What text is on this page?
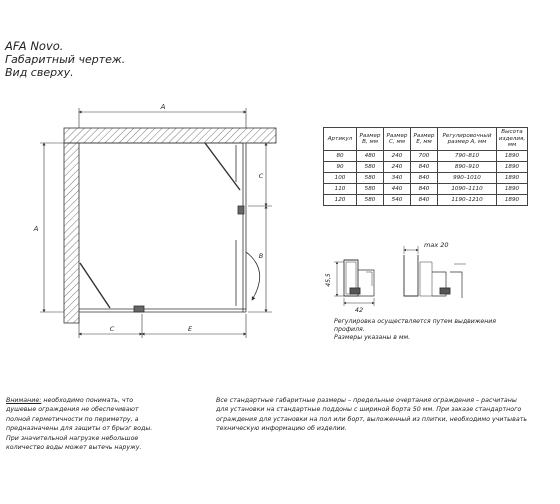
AFA Novo.
Габаритный чертеж.
Вид сверху.
A
A
C
B
C	E
max 20
45,5
42
Артикул	Размер В, мм	Размер С, мм	Размер Е, мм	Регулировочный размер А, мм	Высота изделия, мм
80	480	240	700	790–810	1890
90	580	240	840	890–910	1890
100	580	340	840	990–1010	1890
110	580	440	840	1090–1110	1890
120	580	540	840	1190–1210	1890
Регулировка осуществляется путем выдвижения
профиля.
Размеры указаны в мм.
Внимание: необходимо понимать, что
душевые ограждения не обеспечивают
полной герметичности по периметру, а
предназначены для защиты от брызг воды.
При значительной нагрузке небольшое
количество воды может вытечь наружу.
Все стандартные габаритные размеры – предельные очертания ограждения – расчитаны
для установки на стандартные поддоны с шириной борта 50 мм. При заказе стандартного
ограждения для установки на пол или борт, выложенный из плитки, необходимо учитывать
техническую информацию об изделии.
